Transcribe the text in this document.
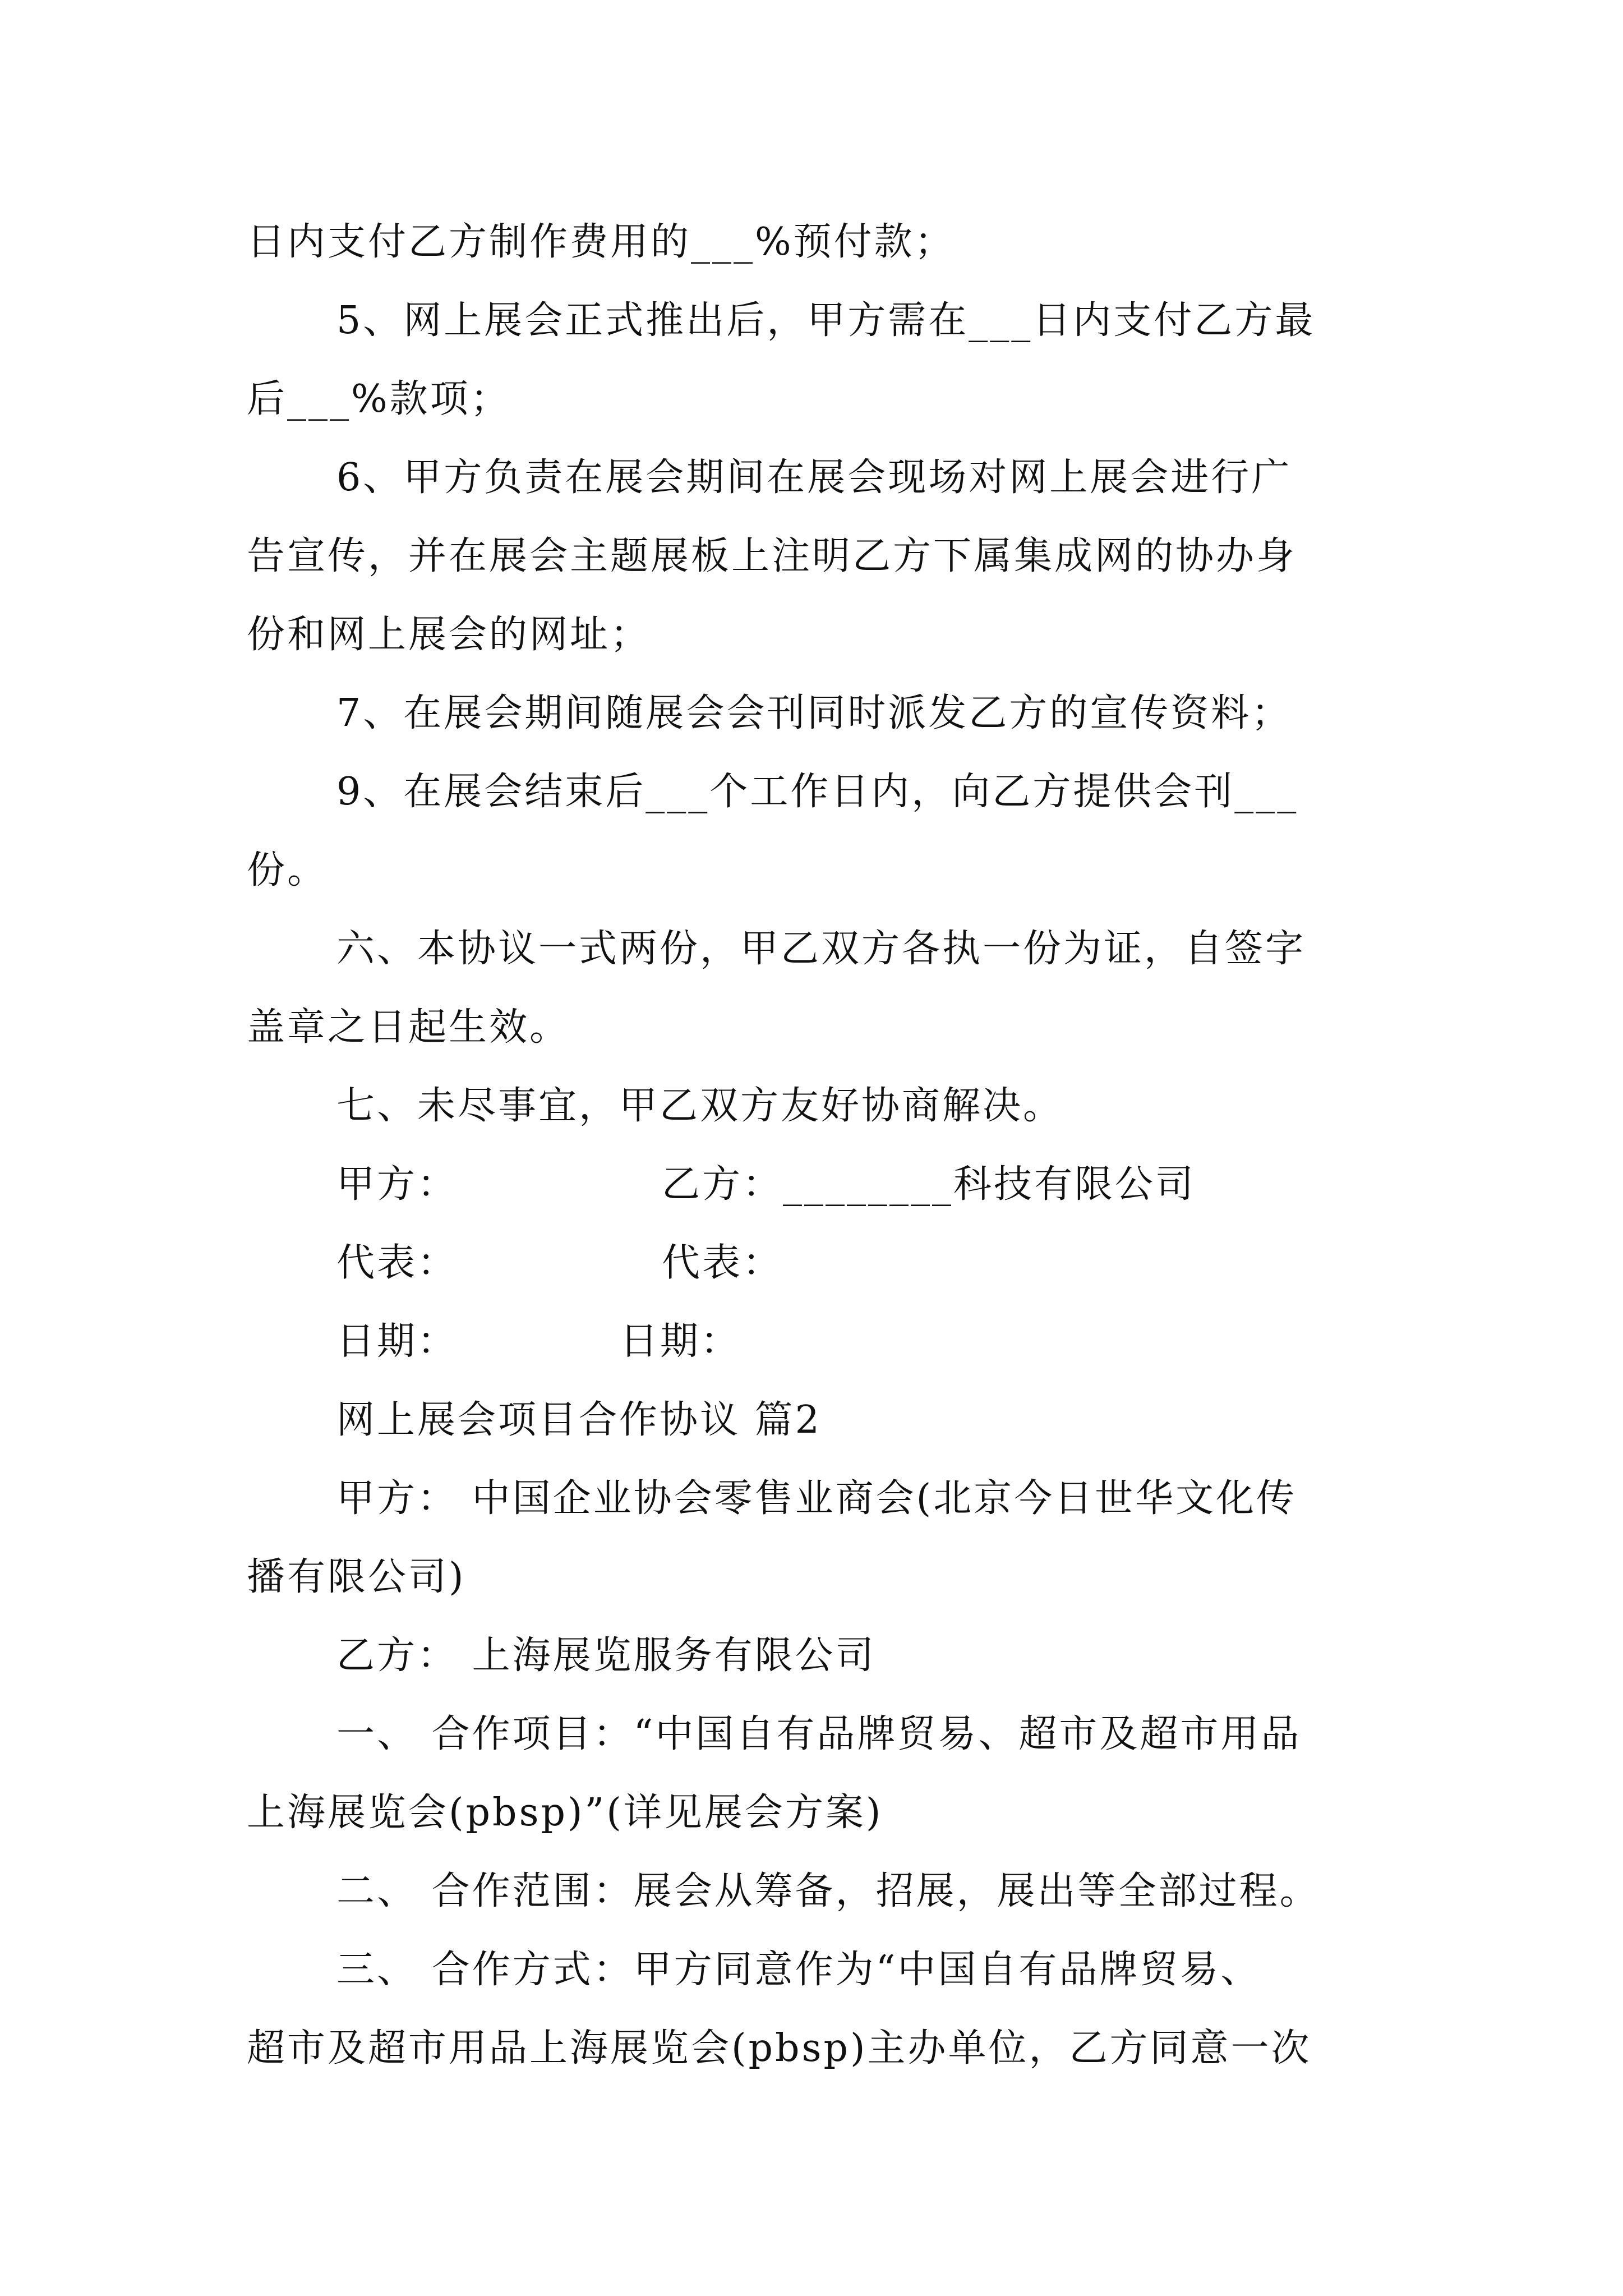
日内支付乙方制作费用的___%预付款；
5、网上展会正式推出后，甲方需在___日内支付乙方最
后___%款项；
6、甲方负责在展会期间在展会现场对网上展会进行广
告宣传，并在展会主题展板上注明乙方下属集成网的协办身
份和网上展会的网址；
7、在展会期间随展会会刊同时派发乙方的宣传资料；
9、在展会结束后___个工作日内，向乙方提供会刊___
份。
六、本协议一式两份，甲乙双方各执一份为证，自签字
盖章之日起生效。
七、未尽事宜，甲乙双方友好协商解决。
甲方：	乙方：________科技有限公司
代表：	代表：
日期：	日期：
网上展会项目合作协议 篇2
甲方： 中国企业协会零售业商会(北京今日世华文化传
播有限公司)
乙方： 上海展览服务有限公司
一、 合作项目：“中国自有品牌贸易、超市及超市用品
上海展览会(pbsp)”(详见展会方案)
二、 合作范围：展会从筹备，招展，展出等全部过程。
三、 合作方式：甲方同意作为“中国自有品牌贸易、
超市及超市用品上海展览会(pbsp)主办单位，乙方同意一次
